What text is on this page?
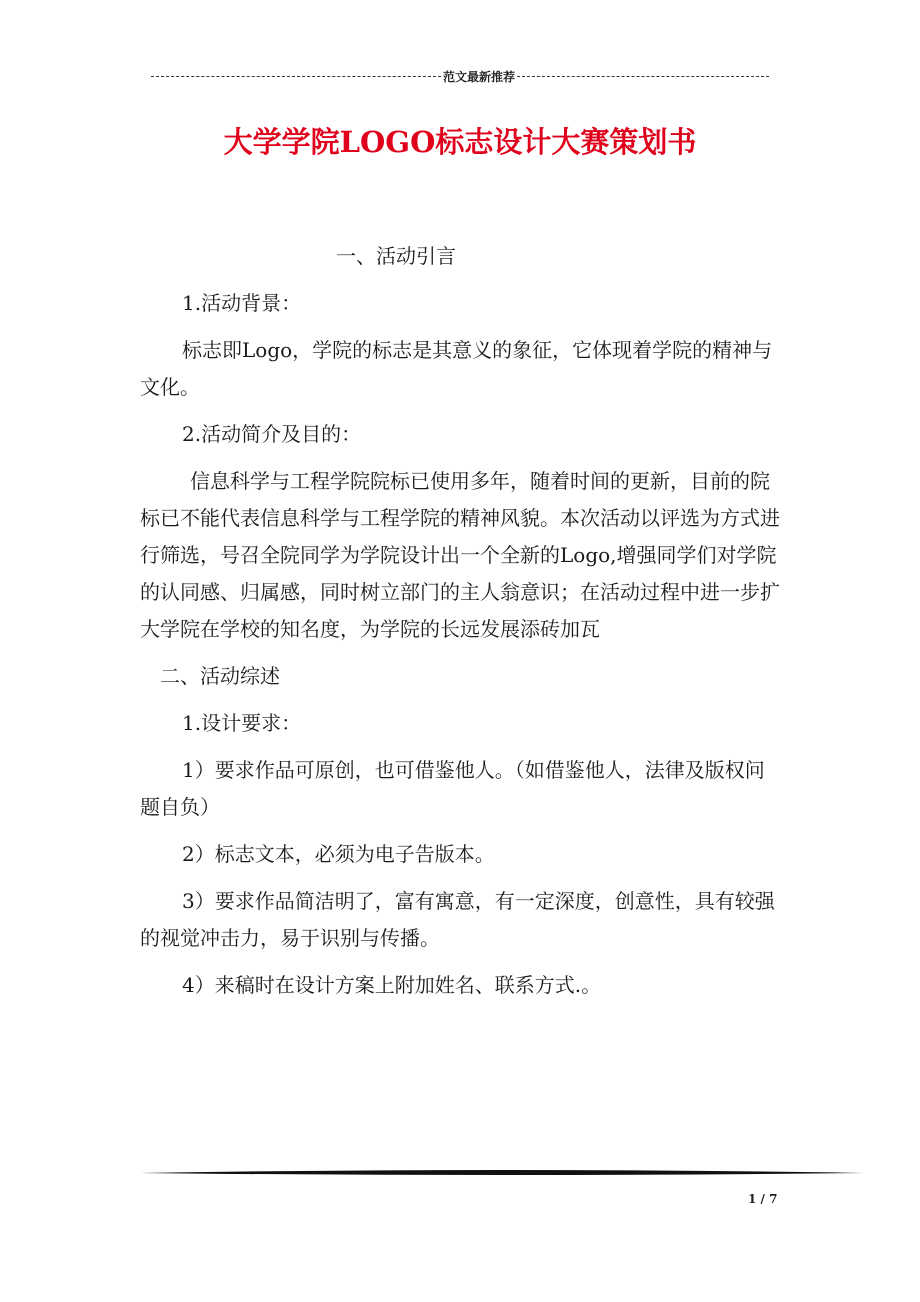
范文最新推荐
大学学院LOGO标志设计大赛策划书

一、活动引言

1.活动背景：

标志即Logo，学院的标志是其意义的象征，它体现着学院的精神与文化。

2.活动简介及目的：

信息科学与工程学院院标已使用多年，随着时间的更新，目前的院标已不能代表信息科学与工程学院的精神风貌。本次活动以评选为方式进行筛选，号召全院同学为学院设计出一个全新的Logo,增强同学们对学院的认同感、归属感，同时树立部门的主人翁意识；在活动过程中进一步扩大学院在学校的知名度，为学院的长远发展添砖加瓦

二、活动综述

1.设计要求：

1）要求作品可原创，也可借鉴他人。（如借鉴他人，法律及版权问题自负）

2）标志文本，必须为电子告版本。

3）要求作品简洁明了，富有寓意，有一定深度，创意性，具有较强的视觉冲击力，易于识别与传播。

4）来稿时在设计方案上附加姓名、联系方式.。

1 / 7
